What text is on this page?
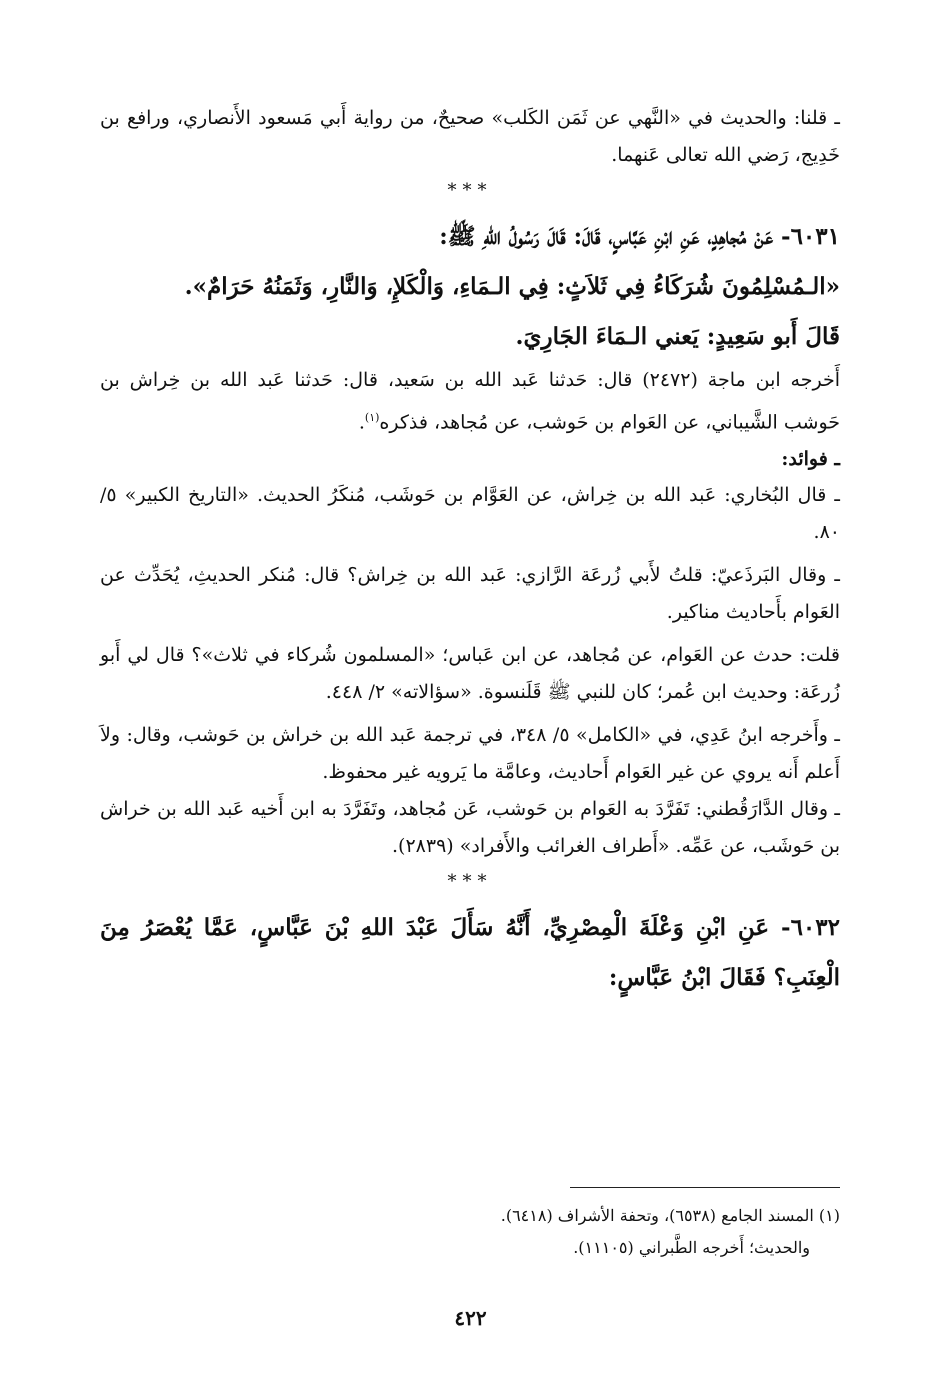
ـ قلنا: والحديث في «النَّهي عن ثَمَن الكَلب» صحيحٌ، من رواية أَبي مَسعود الأَنصاري، ورافع بن خَدِيج، رَضي الله تعالى عَنهما.

***

٦٠٣١- عَنْ مُجاهِدٍ، عَنِ ابْنِ عَبَّاسٍ، قَالَ: قَالَ رَسُولُ اللهِ ﷺ:

«الـمُسْلِمُونَ شُرَكَاءُ فِي ثَلاَثٍ: فِي الـمَاءِ، وَالْكَلإِ، وَالنَّارِ، وَثَمَنُهُ حَرَامٌ».

قَالَ أَبو سَعِيدٍ: يَعني الـمَاءَ الجَارِيَ.

أَخرجه ابن ماجة (٢٤٧٢) قال: حَدثنا عَبد الله بن سَعيد، قال: حَدثنا عَبد الله بن خِراش بن حَوشب الشَّيباني، عن العَوام بن حَوشب، عن مُجاهد، فذكره$^{(١)}$.

ـ فوائد:

ـ قال البُخاري: عَبد الله بن خِراش، عن العَوَّام بن حَوشَب، مُنكَرُ الحديث. «التاريخ الكبير» ٥/ ٨٠.

ـ وقال البَرذَعيّ: قلتُ لأَبي زُرعَة الرَّازي: عَبد الله بن خِراش؟ قال: مُنكر الحديثِ، يُحَدِّث عن العَوام بأَحاديث مناكير.

قلت: حدث عن العَوام، عن مُجاهد، عن ابن عَباس؛ «المسلمون شُركاء في ثلاث»؟ قال لي أَبو زُرعَة: وحديث ابن عُمر؛ كان للنبي ﷺ قَلَنسوة. «سؤالاته» ٢/ ٤٤٨.

ـ وأَخرجه ابنُ عَدِي، في «الكامل» ٥/ ٣٤٨، في ترجمة عَبد الله بن خراش بن حَوشب، وقال: ولاَ أَعلم أَنه يروي عن غير العَوام أَحاديث، وعامَّة ما يَرويه غير محفوظ.

ـ وقال الدَّارَقُطني: تَفَرَّدَ به العَوام بن حَوشب، عَن مُجاهد، وتَفَرَّدَ به ابن أَخيه عَبد الله بن خراش بن حَوشَب، عن عَمِّه. «أَطراف الغرائب والأَفراد» (٢٨٣٩).

***

٦٠٣٢- عَنِ ابْنِ وَعْلَةَ الْمِصْرِيِّ، أَنَّهُ سَأَلَ عَبْدَ اللهِ بْنَ عَبَّاسٍ، عَمَّا يُعْصَرُ مِنَ الْعِنَبِ؟ فَقَالَ ابْنُ عَبَّاسٍ:

(١) المسند الجامع (٦٥٣٨)، وتحفة الأشراف (٦٤١٨).
والحديث؛ أَخرجه الطَّبراني (١١١٠٥).
٤٢٢
